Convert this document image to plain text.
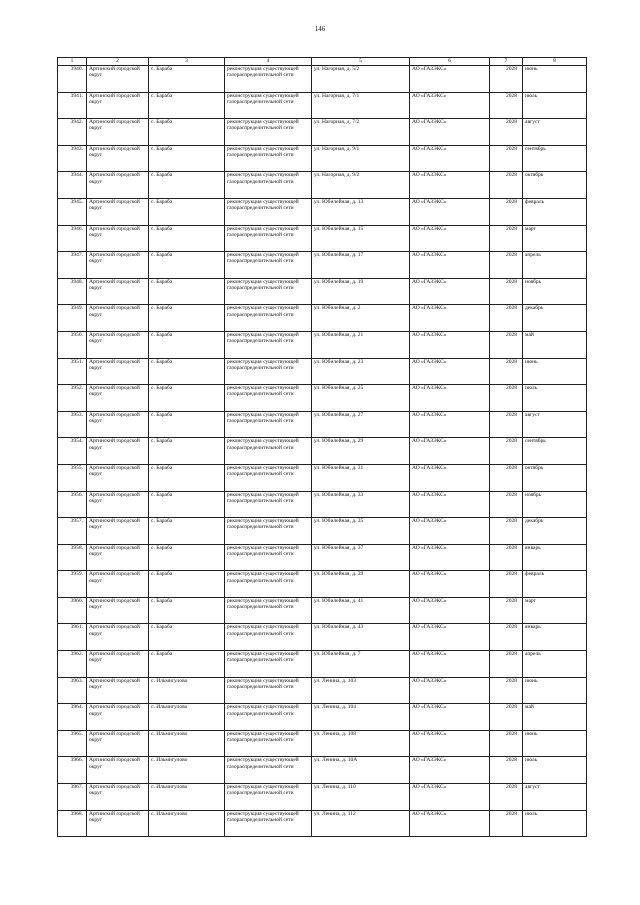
146
1	2	3	4	5	6	7	8
3940.	Артинский городской округ	с. Бараба	реконструкция существующей газораспределительной сети	ул. Нагорная, д. 5/2	АО «ГАЗЭКС»	2028	июнь
3941.	Артинский городской округ	с. Бараба	реконструкция существующей газораспределительной сети	ул. Нагорная, д. 7/1	АО «ГАЗЭКС»	2028	июль
3942.	Артинский городской округ	с. Бараба	реконструкция существующей газораспределительной сети	ул. Нагорная, д. 7/2	АО «ГАЗЭКС»	2028	август
3943.	Артинский городской округ	с. Бараба	реконструкция существующей газораспределительной сети	ул. Нагорная, д. 9/1	АО «ГАЗЭКС»	2028	сентябрь
3944.	Артинский городской округ	с. Бараба	реконструкция существующей газораспределительной сети	ул. Нагорная, д. 9/2	АО «ГАЗЭКС»	2028	октябрь
3945.	Артинский городской округ	с. Бараба	реконструкция существующей газораспределительной сети	ул. Юбилейная, д. 13	АО «ГАЗЭКС»	2028	февраль
3946.	Артинский городской округ	с. Бараба	реконструкция существующей газораспределительной сети	ул. Юбилейная, д. 15	АО «ГАЗЭКС»	2028	март
3947.	Артинский городской округ	с. Бараба	реконструкция существующей газораспределительной сети	ул. Юбилейная, д. 17	АО «ГАЗЭКС»	2028	апрель
3948.	Артинский городской округ	с. Бараба	реконструкция существующей газораспределительной сети	ул. Юбилейная, д. 19	АО «ГАЗЭКС»	2028	ноябрь
3949.	Артинский городской округ	с. Бараба	реконструкция существующей газораспределительной сети	ул. Юбилейная, д. 2	АО «ГАЗЭКС»	2028	декабрь
3950.	Артинский городской округ	с. Бараба	реконструкция существующей газораспределительной сети	ул. Юбилейная, д. 21	АО «ГАЗЭКС»	2028	май
3951.	Артинский городской округ	с. Бараба	реконструкция существующей газораспределительной сети	ул. Юбилейная, д. 23	АО «ГАЗЭКС»	2028	июнь
3952.	Артинский городской округ	с. Бараба	реконструкция существующей газораспределительной сети	ул. Юбилейная, д. 25	АО «ГАЗЭКС»	2028	июль
3953.	Артинский городской округ	с. Бараба	реконструкция существующей газораспределительной сети	ул. Юбилейная, д. 27	АО «ГАЗЭКС»	2028	август
3954.	Артинский городской округ	с. Бараба	реконструкция существующей газораспределительной сети	ул. Юбилейная, д. 29	АО «ГАЗЭКС»	2028	сентябрь
3955.	Артинский городской округ	с. Бараба	реконструкция существующей газораспределительной сети	ул. Юбилейная, д. 31	АО «ГАЗЭКС»	2028	октябрь
3956.	Артинский городской округ	с. Бараба	реконструкция существующей газораспределительной сети	ул. Юбилейная, д. 33	АО «ГАЗЭКС»	2028	ноябрь
3957.	Артинский городской округ	с. Бараба	реконструкция существующей газораспределительной сети	ул. Юбилейная, д. 35	АО «ГАЗЭКС»	2028	декабрь
3958.	Артинский городской округ	с. Бараба	реконструкция существующей газораспределительной сети	ул. Юбилейная, д. 37	АО «ГАЗЭКС»	2028	январь
3959.	Артинский городской округ	с. Бараба	реконструкция существующей газораспределительной сети	ул. Юбилейная, д. 39	АО «ГАЗЭКС»	2028	февраль
3960.	Артинский городской округ	с. Бараба	реконструкция существующей газораспределительной сети	ул. Юбилейная, д. 41	АО «ГАЗЭКС»	2028	март
3961.	Артинский городской округ	с. Бараба	реконструкция существующей газораспределительной сети	ул. Юбилейная, д. 43	АО «ГАЗЭКС»	2028	январь
3962.	Артинский городской округ	с. Бараба	реконструкция существующей газораспределительной сети	ул. Юбилейная, д. 7	АО «ГАЗЭКС»	2028	апрель
3963.	Артинский городской округ	с. Ильмигулово	реконструкция существующей газораспределительной сети	ул. Ленина, д. 103	АО «ГАЗЭКС»	2028	июнь
3964.	Артинский городской округ	с. Ильмигулово	реконструкция существующей газораспределительной сети	ул. Ленина, д. 104	АО «ГАЗЭКС»	2028	май
3965.	Артинский городской округ	с. Ильмигулово	реконструкция существующей газораспределительной сети	ул. Ленина, д. 108	АО «ГАЗЭКС»	2028	июнь
3966.	Артинский городской округ	с. Ильмигулово	реконструкция существующей газораспределительной сети	ул. Ленина, д. 10А	АО «ГАЗЭКС»	2028	июль
3967.	Артинский городской округ	с. Ильмигулово	реконструкция существующей газораспределительной сети	ул. Ленина, д. 110	АО «ГАЗЭКС»	2028	август
3968.	Артинский городской округ	с. Ильмигулово	реконструкция существующей газораспределительной сети	ул. Ленина, д. 112	АО «ГАЗЭКС»	2028	июль
